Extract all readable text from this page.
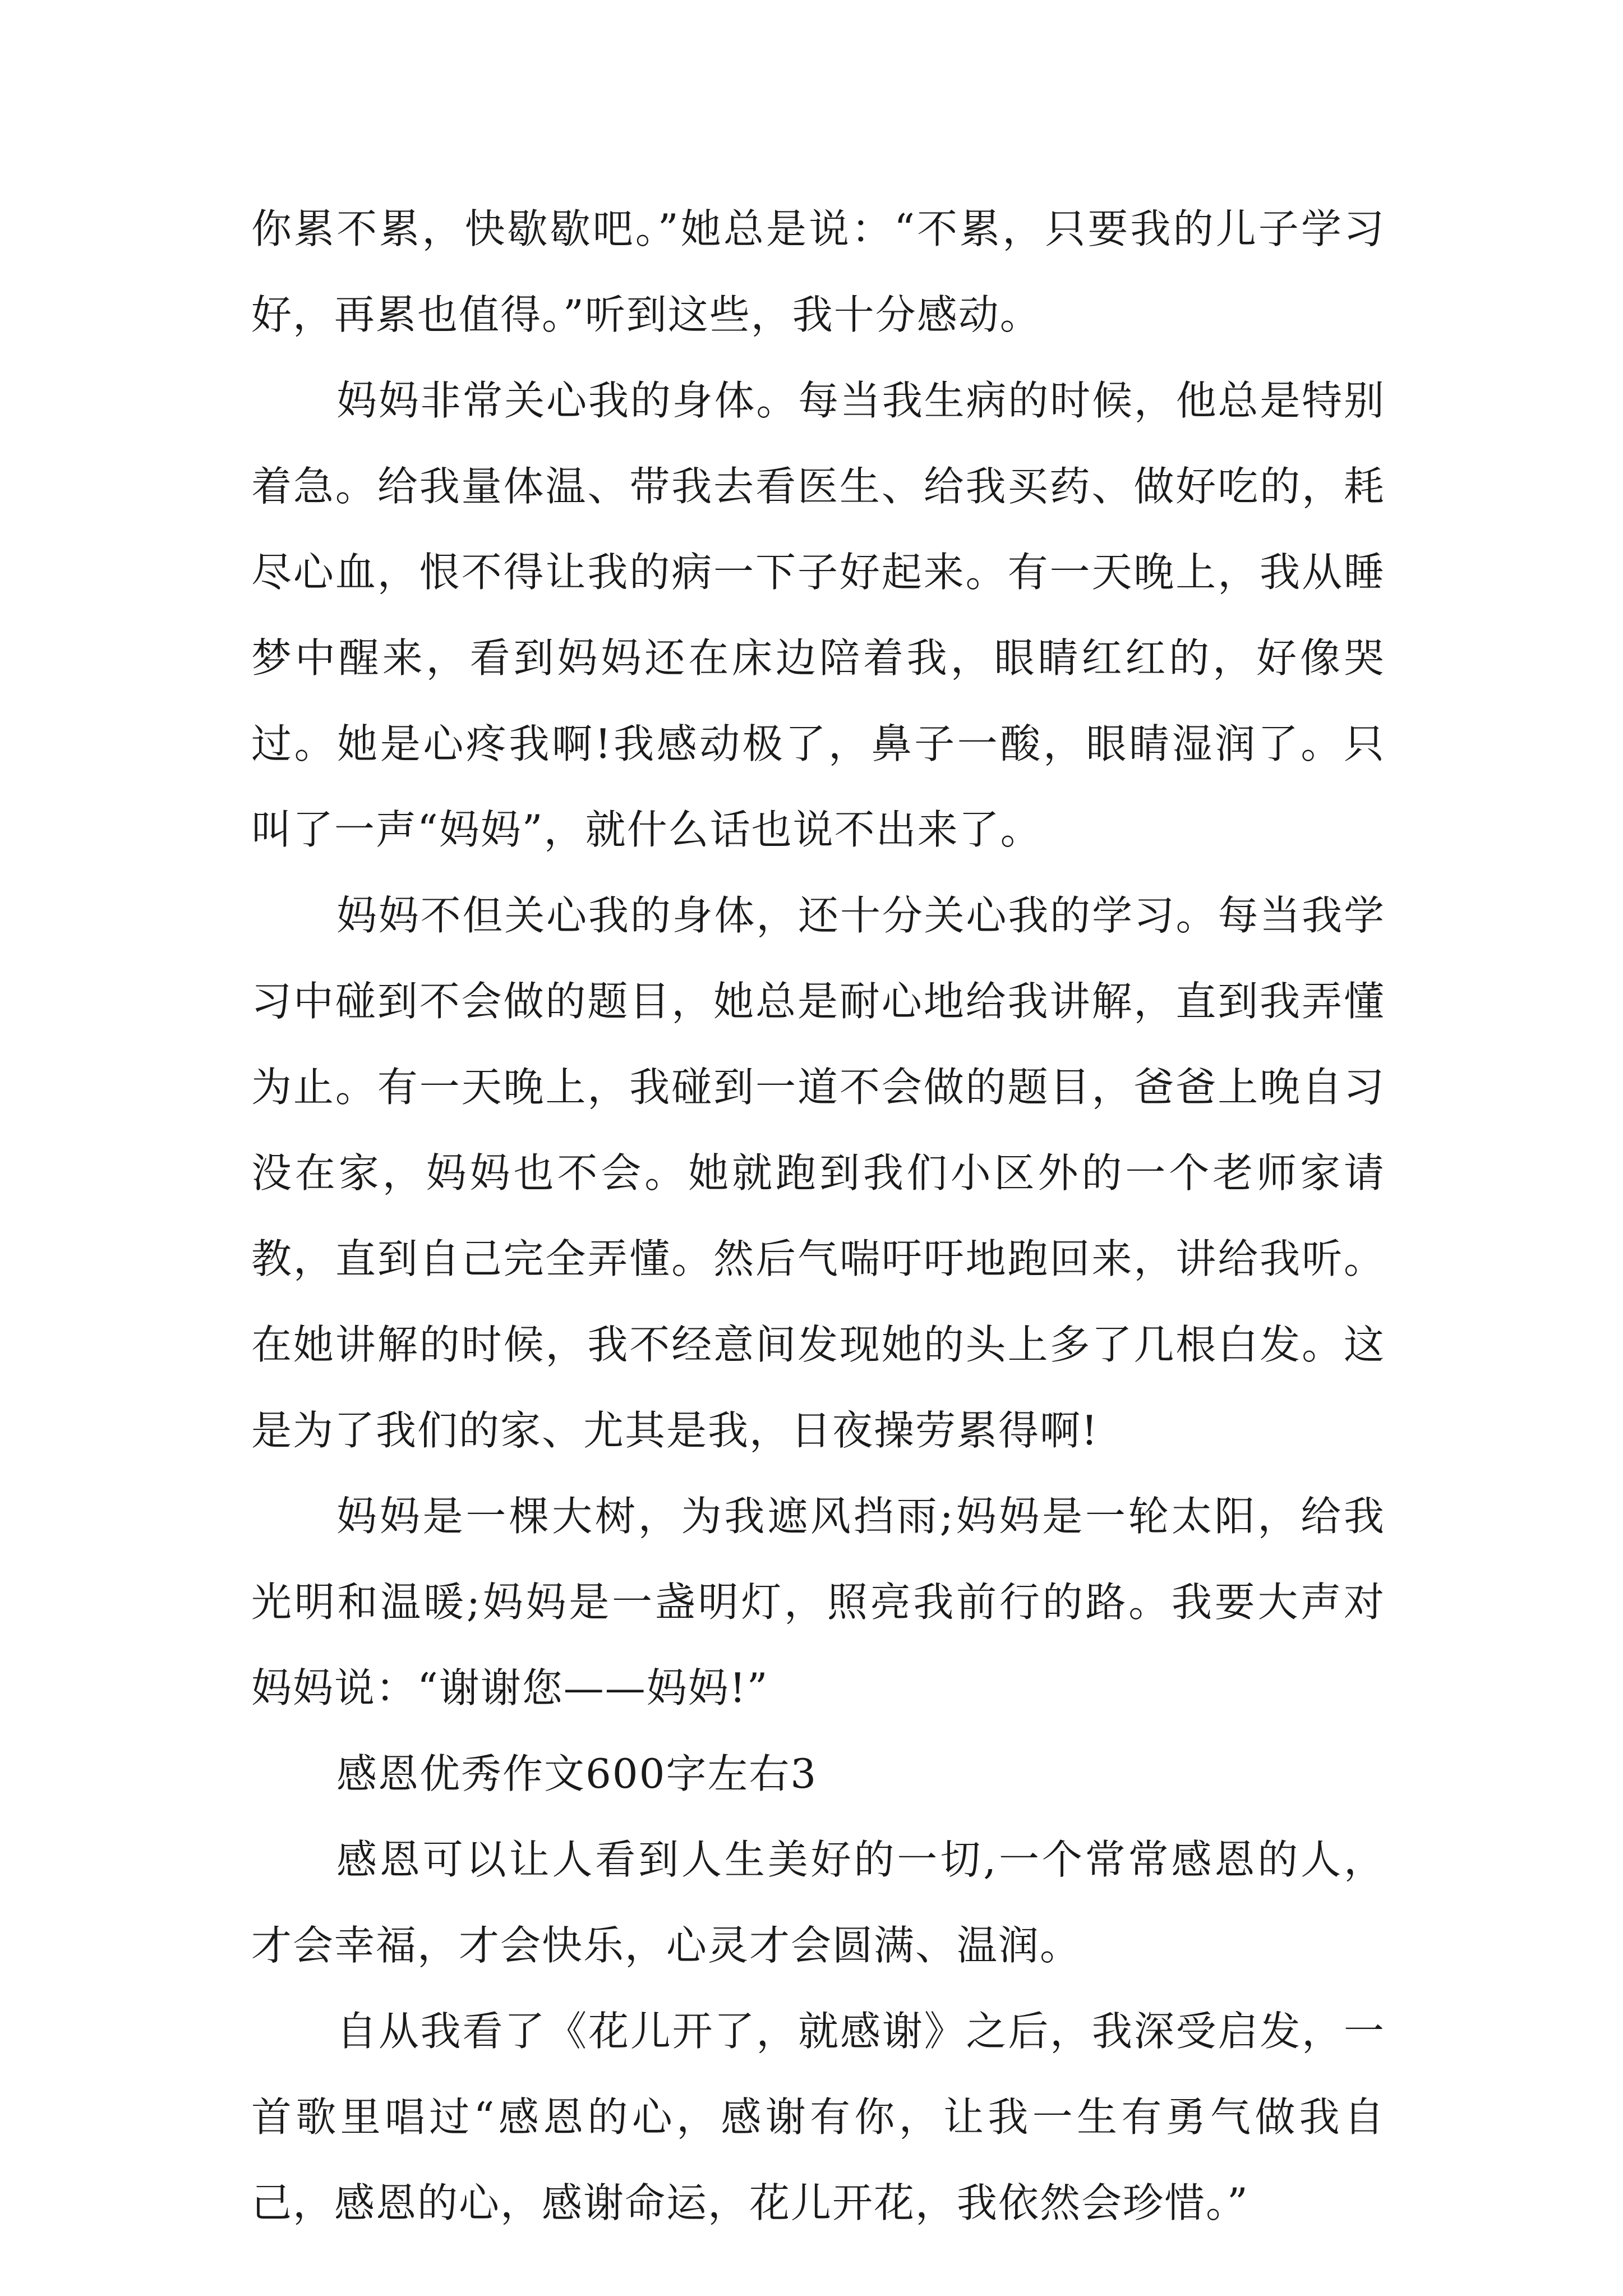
你累不累，快歇歇吧。”她总是说：“不累，只要我的儿子学习好，再累也值得。”听到这些，我十分感动。

妈妈非常关心我的身体。每当我生病的时候，他总是特别着急。给我量体温、带我去看医生、给我买药、做好吃的，耗尽心血，恨不得让我的病一下子好起来。有一天晚上，我从睡梦中醒来，看到妈妈还在床边陪着我，眼睛红红的，好像哭过。她是心疼我啊!我感动极了，鼻子一酸，眼睛湿润了。只叫了一声“妈妈”，就什么话也说不出来了。

妈妈不但关心我的身体，还十分关心我的学习。每当我学习中碰到不会做的题目，她总是耐心地给我讲解，直到我弄懂为止。有一天晚上，我碰到一道不会做的题目，爸爸上晚自习没在家，妈妈也不会。她就跑到我们小区外的一个老师家请教，直到自己完全弄懂。然后气喘吁吁地跑回来，讲给我听。在她讲解的时候，我不经意间发现她的头上多了几根白发。这是为了我们的家、尤其是我，日夜操劳累得啊!

妈妈是一棵大树，为我遮风挡雨;妈妈是一轮太阳，给我光明和温暖;妈妈是一盏明灯，照亮我前行的路。我要大声对妈妈说：“谢谢您——妈妈!”

感恩优秀作文600字左右3

感恩可以让人看到人生美好的一切,一个常常感恩的人，才会幸福，才会快乐，心灵才会圆满、温润。

自从我看了《花儿开了，就感谢》之后，我深受启发，一首歌里唱过“感恩的心，感谢有你，让我一生有勇气做我自己，感恩的心，感谢命运，花儿开花，我依然会珍惜。”
